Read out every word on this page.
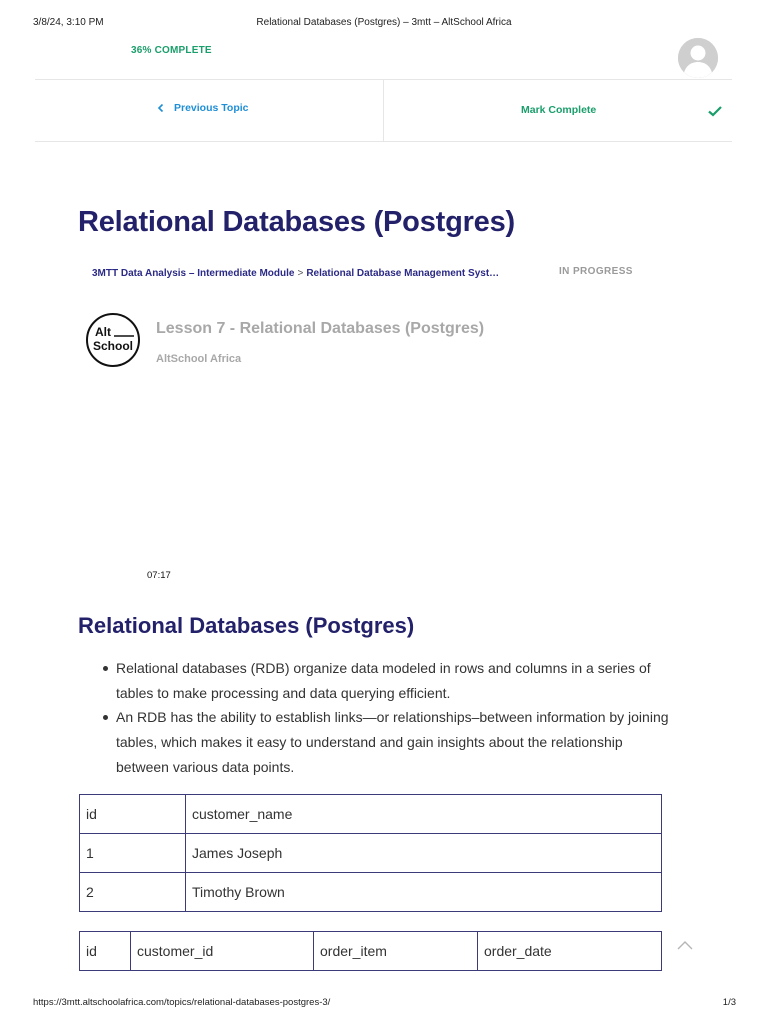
3/8/24, 3:10 PM	Relational Databases (Postgres) – 3mtt – AltSchool Africa
36% COMPLETE
Previous Topic	Mark Complete
Relational Databases (Postgres)
3MTT Data Analysis – Intermediate Module > Relational Database Management Syst…	IN PROGRESS
Alt
School
Lesson 7 - Relational Databases (Postgres)
AltSchool Africa
07:17
Relational Databases (Postgres)
Relational databases (RDB) organize data modeled in rows and columns in a series of tables to make processing and data querying efficient.
An RDB has the ability to establish links—or relationships–between information by joining tables, which makes it easy to understand and gain insights about the relationship between various data points.
id	customer_name
1	James Joseph
2	Timothy Brown
id	customer_id	order_item	order_date
https://3mtt.altschoolafrica.com/topics/relational-databases-postgres-3/	1/3
